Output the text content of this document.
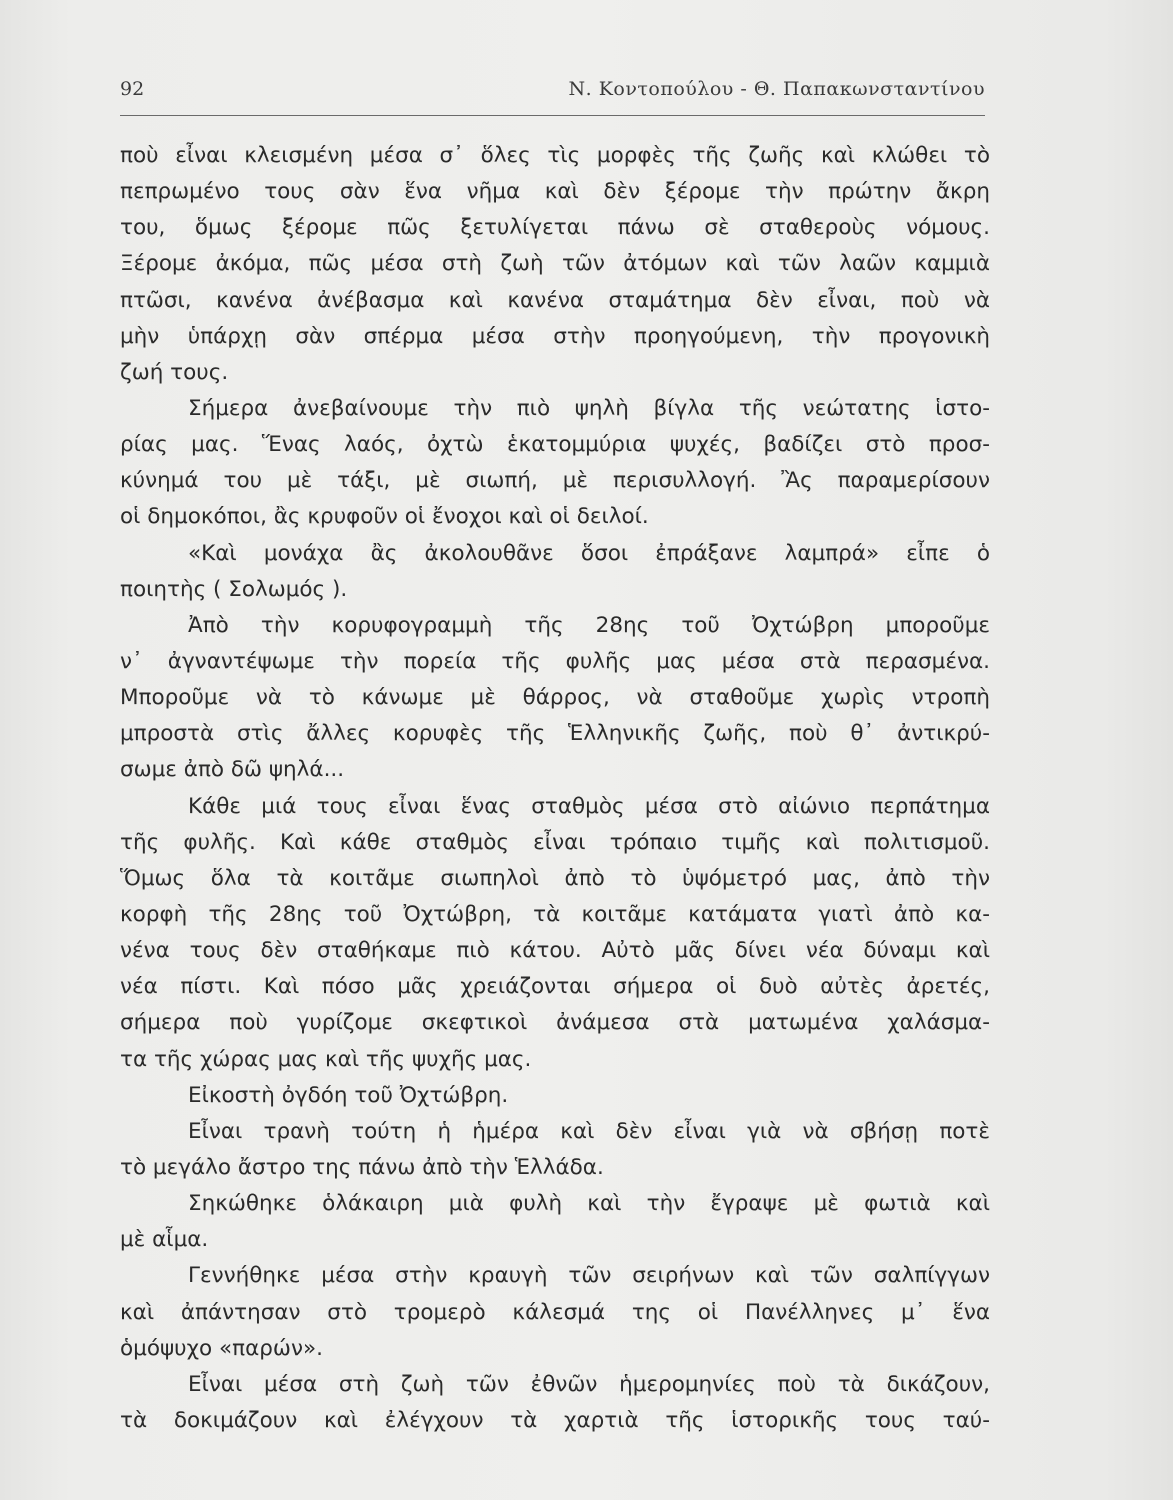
92	Ν. Κοντοπούλου - Θ. Παπακωνσταντίνου
ποὺ εἶναι κλεισμένη μέσα σ᾿ ὅλες τὶς μορφὲς τῆς ζωῆς καὶ κλώθει τὸ
πεπρωμένο τους σὰν ἕνα νῆμα καὶ δὲν ξέρομε τὴν πρώτην ἄκρη
του, ὅμως ξέρομε πῶς ξετυλίγεται πάνω σὲ σταθεροὺς νόμους.
Ξέρομε ἀκόμα, πῶς μέσα στὴ ζωὴ τῶν ἀτόμων καὶ τῶν λαῶν καμμιὰ
πτῶσι, κανένα ἀνέβασμα καὶ κανένα σταμάτημα δὲν εἶναι, ποὺ νὰ
μὴν ὑπάρχῃ σὰν σπέρμα μέσα στὴν προηγούμενη, τὴν προγονικὴ
ζωή τους.
Σήμερα ἀνεβαίνουμε τὴν πιὸ ψηλὴ βίγλα τῆς νεώτατης ἱστο-
ρίας μας. Ἕνας λαός, ὀχτὼ ἑκατομμύρια ψυχές, βαδίζει στὸ προσ-
κύνημά του μὲ τάξι, μὲ σιωπή, μὲ περισυλλογή. Ἂς παραμερίσουν
οἱ δημοκόποι, ἂς κρυφοῦν οἱ ἔνοχοι καὶ οἱ δειλοί.
«Καὶ μονάχα ἂς ἀκολουθᾶνε ὅσοι ἐπράξανε λαμπρά» εἶπε ὁ
ποιητὴς ( Σολωμός ).
Ἀπὸ τὴν κορυφογραμμὴ τῆς 28ης τοῦ Ὀχτώβρη μποροῦμε
ν᾿ ἀγναντέψωμε τὴν πορεία τῆς φυλῆς μας μέσα στὰ περασμένα.
Μποροῦμε νὰ τὸ κάνωμε μὲ θάρρος, νὰ σταθοῦμε χωρὶς ντροπὴ
μπροστὰ στὶς ἄλλες κορυφὲς τῆς Ἑλληνικῆς ζωῆς, ποὺ θ᾿ ἀντικρύ-
σωμε ἀπὸ δῶ ψηλά...
Κάθε μιά τους εἶναι ἕνας σταθμὸς μέσα στὸ αἰώνιο περπάτημα
τῆς φυλῆς. Καὶ κάθε σταθμὸς εἶναι τρόπαιο τιμῆς καὶ πολιτισμοῦ.
Ὅμως ὅλα τὰ κοιτᾶμε σιωπηλοὶ ἀπὸ τὸ ὑψόμετρό μας, ἀπὸ τὴν
κορφὴ τῆς 28ης τοῦ Ὀχτώβρη, τὰ κοιτᾶμε κατάματα γιατὶ ἀπὸ κα-
νένα τους δὲν σταθήκαμε πιὸ κάτου. Αὐτὸ μᾶς δίνει νέα δύναμι καὶ
νέα πίστι. Καὶ πόσο μᾶς χρειάζονται σήμερα οἱ δυὸ αὐτὲς ἀρετές,
σήμερα ποὺ γυρίζομε σκεφτικοὶ ἀνάμεσα στὰ ματωμένα χαλάσμα-
τα τῆς χώρας μας καὶ τῆς ψυχῆς μας.
Εἰκοστὴ ὀγδόη τοῦ Ὀχτώβρη.
Εἶναι τρανὴ τούτη ἡ ἡμέρα καὶ δὲν εἶναι γιὰ νὰ σβήσῃ ποτὲ
τὸ μεγάλο ἄστρο της πάνω ἀπὸ τὴν Ἑλλάδα.
Σηκώθηκε ὁλάκαιρη μιὰ φυλὴ καὶ τὴν ἔγραψε μὲ φωτιὰ καὶ
μὲ αἷμα.
Γεννήθηκε μέσα στὴν κραυγὴ τῶν σειρήνων καὶ τῶν σαλπίγγων
καὶ ἀπάντησαν στὸ τρομερὸ κάλεσμά της οἱ Πανέλληνες μ᾿ ἕνα
ὁμόψυχο «παρών».
Εἶναι μέσα στὴ ζωὴ τῶν ἐθνῶν ἡμερομηνίες ποὺ τὰ δικάζουν,
τὰ δοκιμάζουν καὶ ἐλέγχουν τὰ χαρτιὰ τῆς ἱστορικῆς τους ταύ-
